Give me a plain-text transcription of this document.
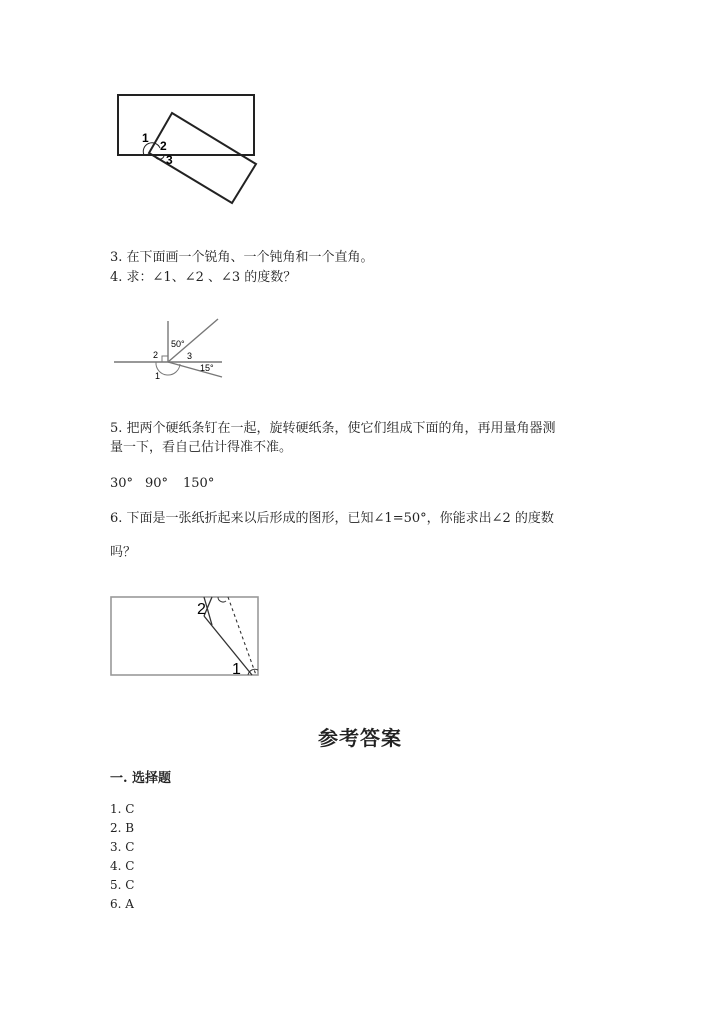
1
2
3
3. 在下面画一个锐角、一个钝角和一个直角。
4. 求：∠1、∠2 、∠3 的度数？
50°
2	3
1
15°
5. 把两个硬纸条钉在一起，旋转硬纸条，使它们组成下面的角，再用量角器测
量一下，看自己估计得准不准。
30° 90° 150°
6. 下面是一张纸折起来以后形成的图形，已知∠1=50°，你能求出∠2 的度数
吗？
2
1
参考答案
一. 选择题
1. C
2. B
3. C
4. C
5. C
6. A
